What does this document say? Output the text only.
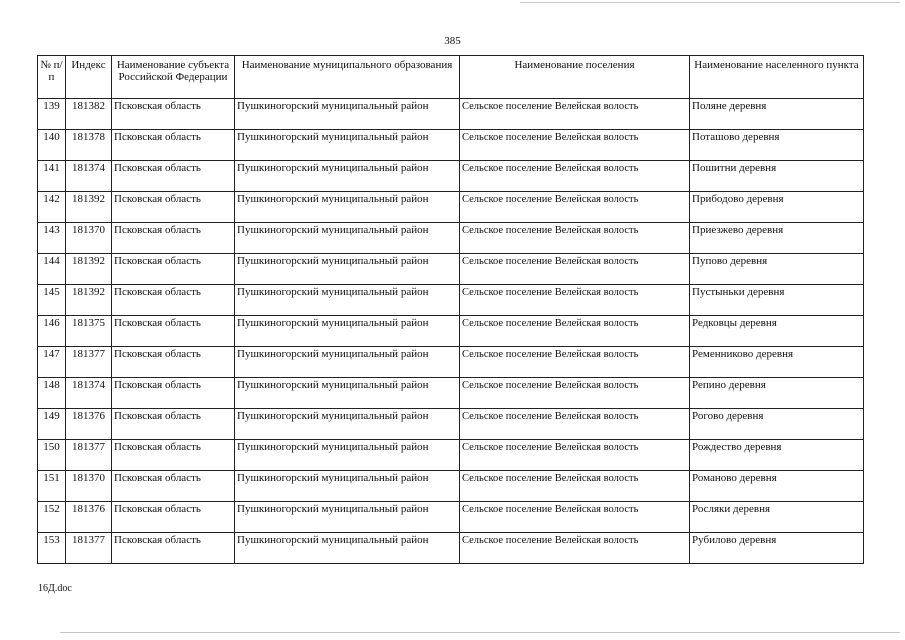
385
№ п/п	Индекс	Наименование субъекта Российской Федерации	Наименование муниципального образования	Наименование поселения	Наименование населенного пункта
139	181382	Псковская область	Пушкиногорский муниципальный район	Сельское поселение Велейская волость	Поляне деревня
140	181378	Псковская область	Пушкиногорский муниципальный район	Сельское поселение Велейская волость	Поташово деревня
141	181374	Псковская область	Пушкиногорский муниципальный район	Сельское поселение Велейская волость	Пошитни деревня
142	181392	Псковская область	Пушкиногорский муниципальный район	Сельское поселение Велейская волость	Прибодово деревня
143	181370	Псковская область	Пушкиногорский муниципальный район	Сельское поселение Велейская волость	Приезжево деревня
144	181392	Псковская область	Пушкиногорский муниципальный район	Сельское поселение Велейская волость	Пупово деревня
145	181392	Псковская область	Пушкиногорский муниципальный район	Сельское поселение Велейская волость	Пустыньки деревня
146	181375	Псковская область	Пушкиногорский муниципальный район	Сельское поселение Велейская волость	Редковцы деревня
147	181377	Псковская область	Пушкиногорский муниципальный район	Сельское поселение Велейская волость	Ременниково деревня
148	181374	Псковская область	Пушкиногорский муниципальный район	Сельское поселение Велейская волость	Репино деревня
149	181376	Псковская область	Пушкиногорский муниципальный район	Сельское поселение Велейская волость	Рогово деревня
150	181377	Псковская область	Пушкиногорский муниципальный район	Сельское поселение Велейская волость	Рождество деревня
151	181370	Псковская область	Пушкиногорский муниципальный район	Сельское поселение Велейская волость	Романово деревня
152	181376	Псковская область	Пушкиногорский муниципальный район	Сельское поселение Велейская волость	Росляки деревня
153	181377	Псковская область	Пушкиногорский муниципальный район	Сельское поселение Велейская волость	Рубилово деревня
16Д.doc
